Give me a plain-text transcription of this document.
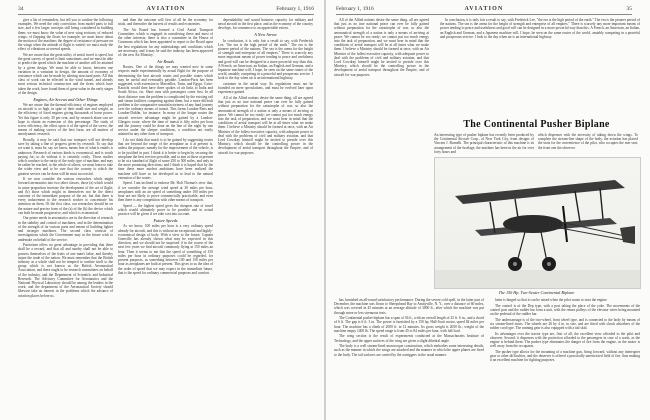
34	AVIATION	February 1, 1916

give a list of remainders, but tell you to confine the following examples. We need the only corrections from model parts to full size, and a few larger concepts still being considered in building them; we must know the value of new wing sections; of reduced wings; of flapping the floats for example; we must know about the motion of the machine; the degree of resistance of pressure on the wings when the attitude of flight is varied; we must study the effect of vibrations at several speeds.

We are aware that the great utility of aerial travel is speed, but the great survey of speed is limit sometimes, and we must be able to predict the speed which the machine of another will be attained by a given design. We must be able to know, between one variation in a variation in design, the amount of economy of resistance which can be made by altering structural parts. All this class of work can be effected in the wind tunnel, and already most serious technical constructors and the firms which have taken the work, have found them of great value in the early stages of the design.

Engines, Air Screws and Other Things

We are aware that the thermal efficiency of engines employed on aircraft is so high, in spite of their small size and weight, as the efficiency of fixed engines giving thousands of horse power. Yet this figure is only 30 per cent, and by research alone can we hope to obtain an extension of this percentage. The study of screw efficiency, the effect upon it of the speed of the screw, the means of making screws of the best form, are all matters of aerodynamic research.

Broadly, it may be said that our transport will not develop save by taking a line of progress given by research. To say that we want it, must be, say we know, means fear of what it entails is unknown. Research of various kinds is economical, and is worth paying for; to do without it is certainly costly. Those studies which conduce to the rarity of the early type of machine, and may be rather be reached, to the whole of others; we must learn to take the wider view and to be sure that the country to which the greatest service can be done will be most successful.

If we now consider the various researches which might forward aeronautics into two other classes, those (a) which would in some proportion increase the development of the art of flight; and (b) those which might in themselves not be the direct outcome of the immediate purpose of the art, but that there is every inducement to the research worker to concentrate his attention on them. Of the first class, our researches should be on the nature and precise form of the (a) of the (b) the device which can both be made progressive, and which is economical.

Our prime needs in aeronautics are in the direction of research in the stability and control of machines, and in the determination of the strength of its various parts and means of building lighter and stronger machines. The second class consists of investigations which the Government may in the future wish to undertake on behalf of the service.

Patriotism offers no great advantage in providing that there shall be a reward, and that all and sundry shall not be able to possess themselves of the fruits of one man's labor, and thereby injure the trade of the nation. We must remember that the British industry as a whole shall not be tempted to confine itself to the group which is not known as the British Aeronautical Association, and there ought to be research committees on behalf of the industry, and the Department of Scientific and Industrial Research. The Advisory Committee for Aeronautics and the National Physical Laboratory should be among the leaders in the work, and the department of the Aeronautical Society should likewise take an interest in the problems which the advance of aviation places before us.

and then the outcome will first of all be the economy for trials, and thereafter the harvest of results and economies.

The Air Board has formed a Civil Aerial Transport Committee, which is engaged in considering these and most of the other interests; there is also a committee in the House of Commons which has been appointed to report to the Board upon the best regulations for any undertakings and conditions which are necessary, and it may be said the industry has been approved of: the new Air Ministry.

Air Roads

Routes. One of the things we may wanted now in some respects made experimentally by actual flight for the purpose of determining the best aircraft routes and possible routes which may be useful and eventually payable. London-Paris has been suggested, with extension to Marseilles, Turin, and Egypt. Cairo-Karachi would then have three spokes of air links to India and South Africa, etc. Short runs with passengers come first. In all short distance runs the problem is complicated by the existing rail and steam facilities competing against them, but a more difficult problem is the comparative unsatisfactoriness of any land journey over the ordinary means of transit. This forms London-Paris and London-Dublin, for instance. In many of the longer routes the aircraft services advantage might be gained by a London-Glasgow route, where the time of transit is fifty miles per hour and the journey could be done on the line of the night by one service under the sleeper conditions, a condition not easily attained in any other form of transport.

I do not think that much is to be gained by suggesting routes that are beyond the range of the aeroplane as it at present is, unless the purpose, namely for the improvement of the vehicle, is to be justified in part. I think it is better to begin by securing the aeroplane the best services possible, and to aim at those at present to be at a standard of flight of some 250 to 500 miles, and only in the more promising directions; and I think it is hoped that by the time these more modest ambitions have been realized the machine will have so far developed as to lead to the natural extension of the routes.

Speed. I am inclined to endorse Mr. Holt Thomas's view that, if we consider the average wind speed at 30 miles per hour, aeroplanes with an air speed of something under 100 miles per hour are not likely to prove commercially practicable, and even then there is any competition with other means of transport.

Speed — the highest speed gives the cheapest rate of travel which would ultimately prove to be possible and in actual practice will be given if we take cost into account.

Future Speeds

As we know, 100 miles per hour is a very ordinary speed already for aircraft, and this is without an exceptional and highly-economical design of body. With a view to the future, Captain Grenville has already shown what may be expected in this direction, and we should not be surprised if in the course of the next few years we find aircraft commonly flying at 150 miles an hour. Then it seems to me that the speed of something of 150 miles per hour in ordinary purposes could be regarded, for present purposes, as something between 100 and 150 miles per hour as aeroplanes are built at present. This gives to us the idea of the order of speed that we may expect in the immediate future, that is the speed for ordinary commercial purposes and comfort.

dependability and sound business capacity for military and naval aircraft in the first place, and as the economy of the country develops, for commerce to an appreciable extent.

A New Arrow

In conclusion, it is only fair a result to say, with Frederick Lee, "the era is the high period of the earth." The era is the pioneer period of the nations. The sea is the arena for the height of strength and enterprise of all empires." There is scarcely any more important means of power tending to peace and usefulness and good will can be designed in a more powerful way than this. A French, an American, an Italian, an English and German, and a Japanese machine will, I hope, be seen on the same routes of the world, amiably competing in a peaceful and prosperous service. I look to the day when air is an international highway.

customer in the aerial way. Its regulations must not be founded on mere speculations, and must be evolved later upon experience gained.

All of the Allied nations desire the same thing, all are agreed that just as no true national peace can ever be fully gained without preparation for the catastrophe of war, so also the aeronautical strength of a nation is only a means of arriving at peace. We cannot be too ready; we cannot put too much energy into the task of preparation, and we must bear in mind that the conditions of aerial transport will be at all times what we make them. I believe a Ministry should be formed at once, with an Air Minister of the fullest executive capacity, with adequate power to deal with the problems of civil and military aviation, and that Lord Cowdray himself might be invited to preside over this Ministry, which should be the controlling power in the development of aerial transport throughout the Empire, and of aircraft for war purposes.

February 1, 1916	AVIATION	35

All of the Allied nations desire the same thing, all are agreed that just as no true national peace can ever be fully gained without preparation for the catastrophe of war, so also the aeronautical strength of a nation is only a means of arriving at peace. We cannot be too ready; we cannot put too much energy into the task of preparation, and we must bear in mind that the conditions of aerial transport will be at all times what we make them. I believe a Ministry should be formed at once, with an Air Minister of the fullest executive capacity, with adequate power to deal with the problems of civil and military aviation, and that Lord Cowdray himself might be invited to preside over this Ministry, which should be the controlling power in the development of aerial transport throughout the Empire, and of aircraft for war purposes.

In conclusion, it is only fair a result to say, with Frederick Lee, "the era is the high period of the earth." The era is the pioneer period of the nations. The sea is the arena for the height of strength and enterprise of all empires." There is scarcely any more important means of power tending to peace and usefulness and good will can be designed in a more powerful way than this. A French, an American, an Italian, an English and German, and a Japanese machine will, I hope, be seen on the same routes of the world, amiably competing in a peaceful and prosperous service. I look to the day when air is an international highway.

The Continental Pusher Biplane
An interesting type of pusher biplane has recently been produced by the Continental Aircraft Corp., of New York City, from designs of Vincent J. Burnelli. The principal characteristic of this machine is its arrangement of the fuselage, the machine has been in the air for over forty hours and which dispenses with the necessity of taking down the wings. To complete the stream-line shape of the body, the aviation has placed the seats for the convenience of the pilot, who occupies the rear seat; the front one the observer.
The 150 Hp. Two-Seater Continental Biplane

has furnished an all-round satisfactory performance. During the severe cold spell, in the latter part of December, the machine was flown to Sheepshead Bay to Amityville, N. Y., over a distance of 60 miles, which was covered in 45 minutes at an average altitude of 3000 ft., after which the machine was put through more or less strenuous tests.

The Continental pusher biplane has a span of 36 ft., with an overall length of 25 ft. 6 in., and a chord of 6 ft. The gap is 6 ft. 3 in. The power is furnished by a 150 hp. Hall-Scott motor, speed 84 miles per hour. The machine has a climb of 2000 ft. in 12 minutes. Its gross weight is 2050 lb.; weight of the machine empty 1400 lb. The speed range is from 45 to 84 miles per hour, with full load.

The wing section is the result of experiments conducted at the Massachusetts Institute of Technology, and the upper surfaces of the wing are given a slight dihedral angle.

The body is a well stream-lined monocoque construction, which embodies some interesting details, such as the manner in which the wings are attached and the manner in which the upper planes are fixed to the body. The tail surfaces are carried by the outriggers in the usual manner.

latter is hinged so that it can be raised when the pilot wants to start the engine.

The control is of the Dep type, with a post taking the place of the yoke. The movements of the control post and the rudder bar form a unit, with the return pulleys of the elevator wires being mounted on the pedestal of the rudder bar.

The undercarriage is of the two-wheel, front wheel type, and is connected to the body by means of six stream-lined struts. The wheels are 26 by 4 in. in size, and are fitted with shock absorbers of the rubber cord type. The running gear is also equipped with a tail skid.

Its advantages over the tractor type are, first of all, the excellent view afforded to the pilot and observer. Second, it dispenses with the protection afforded to the passengers in case of a crash, as the engine is behind them. The pusher type eliminates the danger of fire from the engine, as the motor is well away from the occupants.

The pusher type allows for the mounting of a machine gun, firing forward, without any interrupter gear or other difficulties, and the observer is offered a practically unrestricted field of fire, thus making it an excellent machine for fighting purposes.
